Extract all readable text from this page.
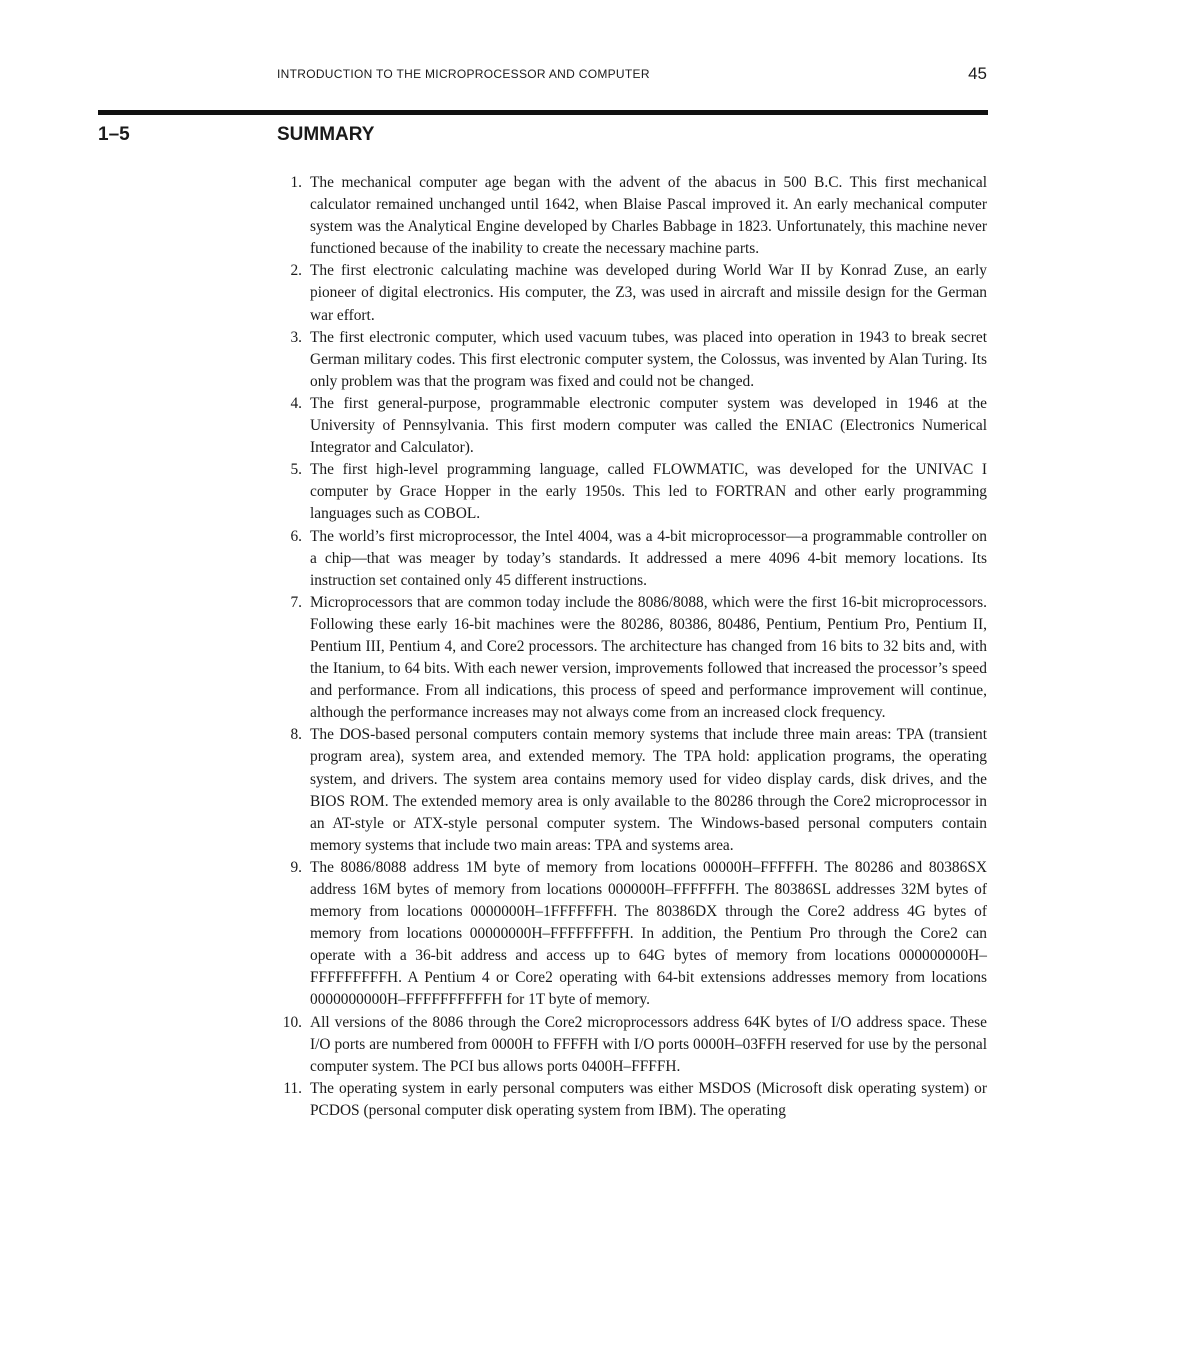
INTRODUCTION TO THE MICROPROCESSOR AND COMPUTER	45
1–5	SUMMARY
1. The mechanical computer age began with the advent of the abacus in 500 B.C. This first mechanical calculator remained unchanged until 1642, when Blaise Pascal improved it. An early mechanical computer system was the Analytical Engine developed by Charles Babbage in 1823. Unfortunately, this machine never functioned because of the inability to create the necessary machine parts.
2. The first electronic calculating machine was developed during World War II by Konrad Zuse, an early pioneer of digital electronics. His computer, the Z3, was used in aircraft and missile design for the German war effort.
3. The first electronic computer, which used vacuum tubes, was placed into operation in 1943 to break secret German military codes. This first electronic computer system, the Colossus, was invented by Alan Turing. Its only problem was that the program was fixed and could not be changed.
4. The first general-purpose, programmable electronic computer system was developed in 1946 at the University of Pennsylvania. This first modern computer was called the ENIAC (Electronics Numerical Integrator and Calculator).
5. The first high-level programming language, called FLOWMATIC, was developed for the UNIVAC I computer by Grace Hopper in the early 1950s. This led to FORTRAN and other early programming languages such as COBOL.
6. The world’s first microprocessor, the Intel 4004, was a 4-bit microprocessor—a programmable controller on a chip—that was meager by today’s standards. It addressed a mere 4096 4-bit memory locations. Its instruction set contained only 45 different instructions.
7. Microprocessors that are common today include the 8086/8088, which were the first 16-bit microprocessors. Following these early 16-bit machines were the 80286, 80386, 80486, Pentium, Pentium Pro, Pentium II, Pentium III, Pentium 4, and Core2 processors. The architecture has changed from 16 bits to 32 bits and, with the Itanium, to 64 bits. With each newer version, improvements followed that increased the processor’s speed and performance. From all indications, this process of speed and performance improvement will continue, although the performance increases may not always come from an increased clock frequency.
8. The DOS-based personal computers contain memory systems that include three main areas: TPA (transient program area), system area, and extended memory. The TPA hold: application programs, the operating system, and drivers. The system area contains memory used for video display cards, disk drives, and the BIOS ROM. The extended memory area is only available to the 80286 through the Core2 microprocessor in an AT-style or ATX-style personal computer system. The Windows-based personal computers contain memory systems that include two main areas: TPA and systems area.
9. The 8086/8088 address 1M byte of memory from locations 00000H–FFFFFH. The 80286 and 80386SX address 16M bytes of memory from locations 000000H–FFFFFFH. The 80386SL addresses 32M bytes of memory from locations 0000000H–1FFFFFFH. The 80386DX through the Core2 address 4G bytes of memory from locations 00000000H–FFFFFFFFH. In addition, the Pentium Pro through the Core2 can operate with a 36-bit address and access up to 64G bytes of memory from locations 000000000H–FFFFFFFFFH. A Pentium 4 or Core2 operating with 64-bit extensions addresses memory from locations 0000000000H–FFFFFFFFFFH for 1T byte of memory.
10. All versions of the 8086 through the Core2 microprocessors address 64K bytes of I/O address space. These I/O ports are numbered from 0000H to FFFFH with I/O ports 0000H–03FFH reserved for use by the personal computer system. The PCI bus allows ports 0400H–FFFFH.
11. The operating system in early personal computers was either MSDOS (Microsoft disk operating system) or PCDOS (personal computer disk operating system from IBM). The operating
